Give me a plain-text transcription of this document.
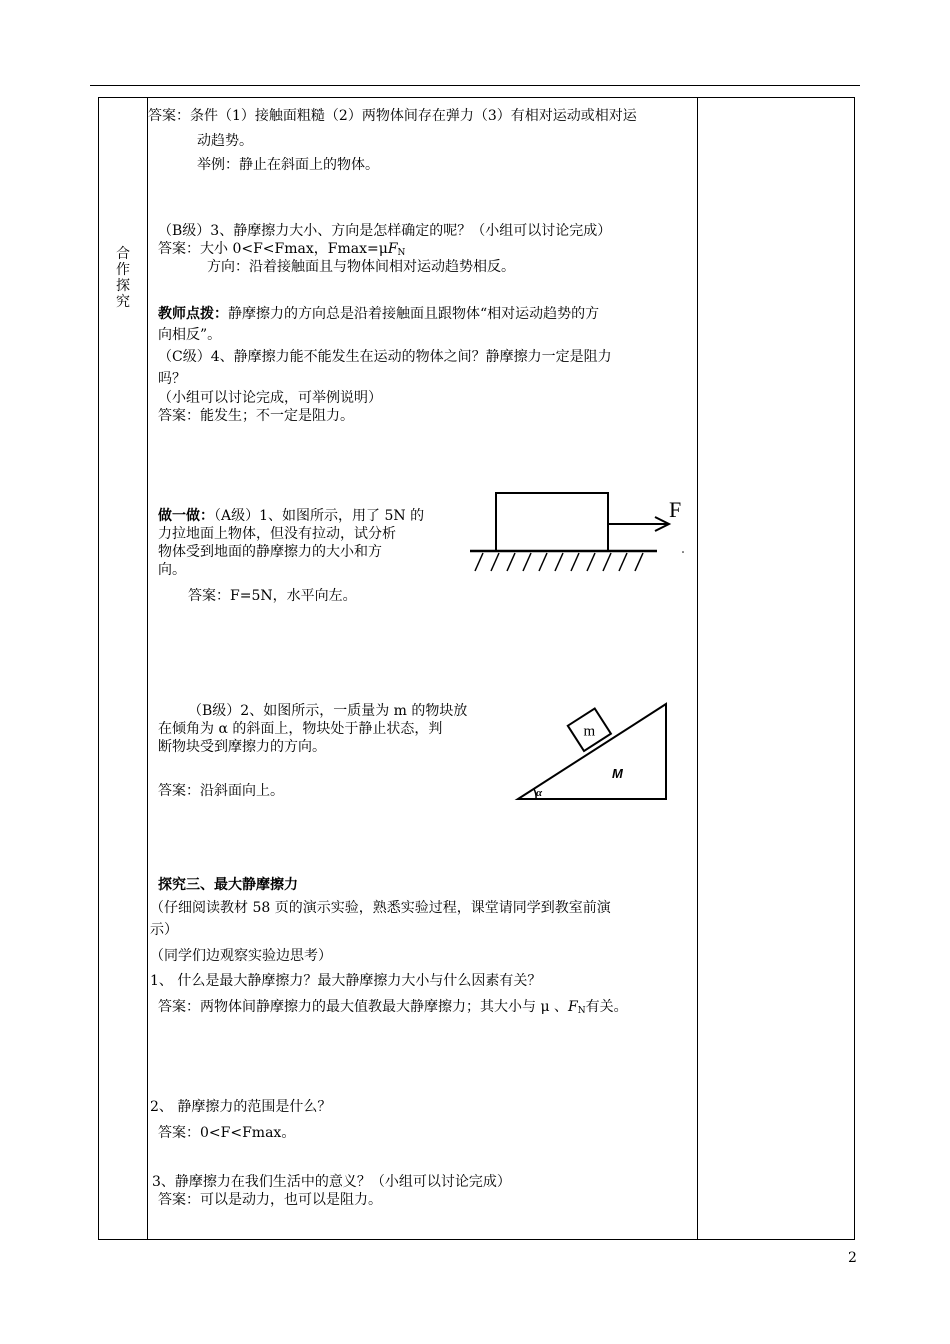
合
作
探
究
答案：条件（1）接触面粗糙（2）两物体间存在弹力（3）有相对运动或相对运
动趋势。
举例：静止在斜面上的物体。
（B级）3、静摩擦力大小、方向是怎样确定的呢？（小组可以讨论完成）
答案：大小 0<F<Fmax，$Fmax=\mu F_N$
方向：沿着接触面且与物体间相对运动趋势相反。
教师点拨：静摩擦力的方向总是沿着接触面且跟物体“相对运动趋势的方
向相反”。
（C级）4、静摩擦力能不能发生在运动的物体之间？静摩擦力一定是阻力
吗？
（小组可以讨论完成，可举例说明）
答案：能发生；不一定是阻力。
做一做：（A级）1、如图所示，用了 5N 的
力拉地面上物体，但没有拉动，试分析
物体受到地面的静摩擦力的大小和方
向。
答案：F=5N，水平向左。
F
（B级）2、如图所示，一质量为 m 的物块放
在倾角为 α 的斜面上，物块处于静止状态，判
断物块受到摩擦力的方向。
答案：沿斜面向上。
m
M
α
探究三、最大静摩擦力
（仔细阅读教材 58 页的演示实验，熟悉实验过程，课堂请同学到教室前演
示）
（同学们边观察实验边思考）
1、 什么是最大静摩擦力？最大静摩擦力大小与什么因素有关？
答案：两物体间静摩擦力的最大值教最大静摩擦力；其大小与 μ 、$F_N$有关。
2、 静摩擦力的范围是什么？
答案：0<F<Fmax。
3、静摩擦力在我们生活中的意义？（小组可以讨论完成）
答案：可以是动力，也可以是阻力。
2
